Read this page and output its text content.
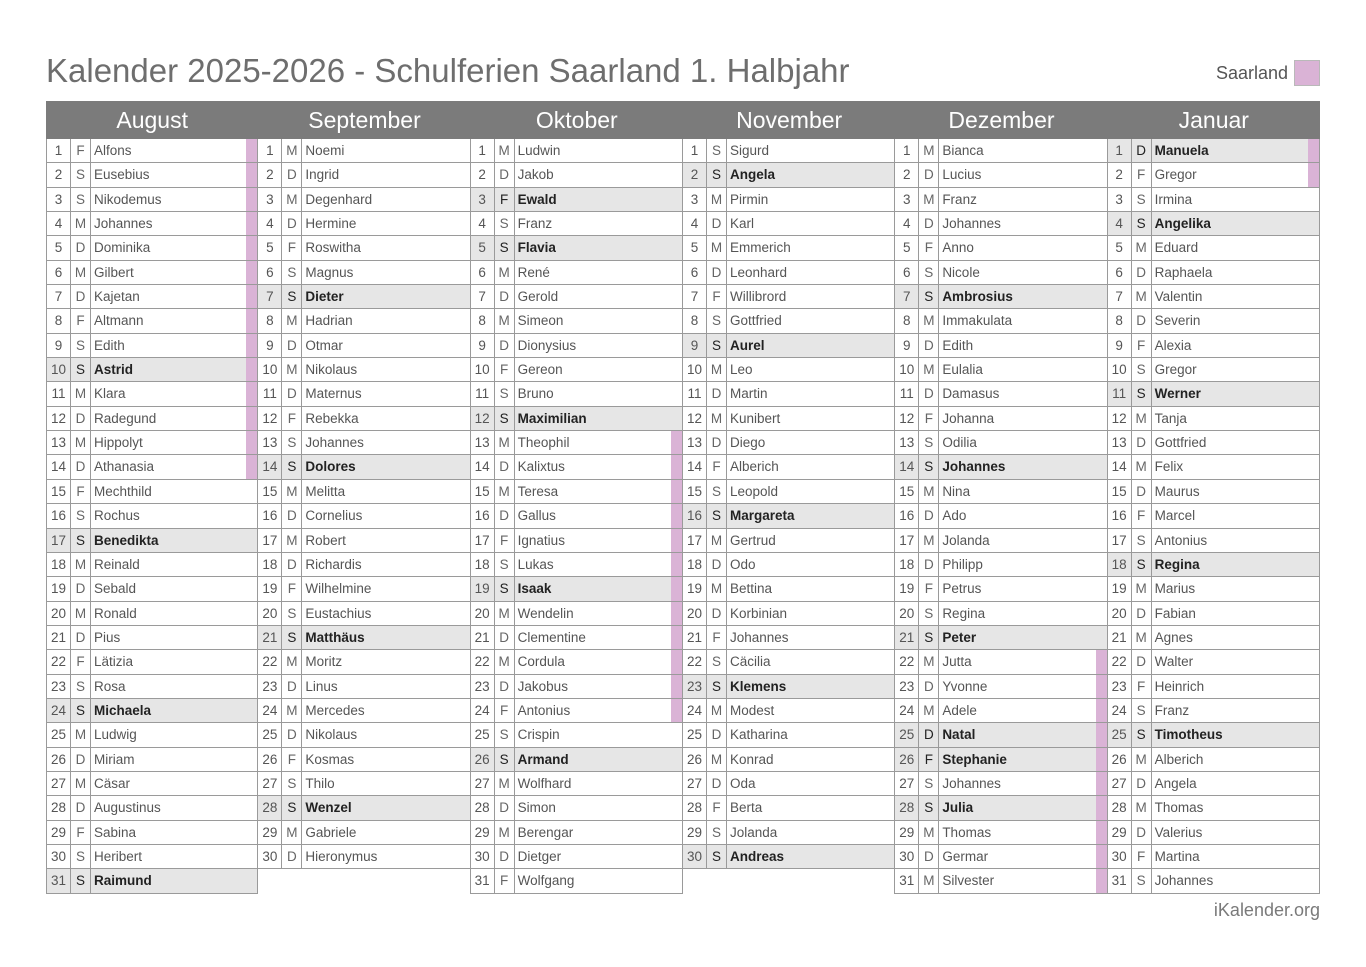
Kalender 2025-2026 - Schulferien Saarland 1. Halbjahr	Saarland
August	September	Oktober	November	Dezember	Januar
1	F Alfons
2	S Eusebius
3	S Nikodemus
4 M Johannes
5 D Dominika
6 M Gilbert
7 D Kajetan
8	F Altmann
9	S Edith
10 S Astrid
11 M Klara
12 D Radegund
13 M Hippolyt
14 D Athanasia
15 F Mechthild
16 S Rochus
17 S Benedikta
18 M Reinald
19 D Sebald
20 M Ronald
21 D Pius
22 F Lätizia
23 S Rosa
24 S Michaela
25 M Ludwig
26 D Miriam
27 M Cäsar
28 D Augustinus
29 F Sabina
30 S Heribert
31 S Raimund
1 M Noemi
2 D Ingrid
3 M Degenhard
4 D Hermine
5	F Roswitha
6	S Magnus
7	S Dieter
8 M Hadrian
9 D Otmar
10 M Nikolaus
11 D Maternus
12 F Rebekka
13 S Johannes
14 S Dolores
15 M Melitta
16 D Cornelius
17 M Robert
18 D Richardis
19 F Wilhelmine
20 S Eustachius
21 S Matthäus
22 M Moritz
23 D Linus
24 M Mercedes
25 D Nikolaus
26 F Kosmas
27 S Thilo
28 S Wenzel
29 M Gabriele
30 D Hieronymus
1 M Ludwin
2 D Jakob
3	F Ewald
4	S Franz
5	S Flavia
6 M René
7 D Gerold
8 M Simeon
9 D Dionysius
10 F Gereon
11 S Bruno
12 S Maximilian
13 M Theophil
14 D Kalixtus
15 M Teresa
16 D Gallus
17 F Ignatius
18 S Lukas
19 S Isaak
20 M Wendelin
21 D Clementine
22 M Cordula
23 D Jakobus
24 F Antonius
25 S Crispin
26 S Armand
27 M Wolfhard
28 D Simon
29 M Berengar
30 D Dietger
31 F Wolfgang
1	S Sigurd
2	S Angela
3 M Pirmin
4 D Karl
5 M Emmerich
6 D Leonhard
7	F Willibrord
8	S Gottfried
9	S Aurel
10 M Leo
11 D Martin
12 M Kunibert
13 D Diego
14 F Alberich
15 S Leopold
16 S Margareta
17 M Gertrud
18 D Odo
19 M Bettina
20 D Korbinian
21 F Johannes
22 S Cäcilia
23 S Klemens
24 M Modest
25 D Katharina
26 M Konrad
27 D Oda
28 F Berta
29 S Jolanda
30 S Andreas
1 M Bianca
2 D Lucius
3 M Franz
4 D Johannes
5	F Anno
6	S Nicole
7	S Ambrosius
8 M Immakulata
9 D Edith
10 M Eulalia
11 D Damasus
12 F Johanna
13 S Odilia
14 S Johannes
15 M Nina
16 D Ado
17 M Jolanda
18 D Philipp
19 F Petrus
20 S Regina
21 S Peter
22 M Jutta
23 D Yvonne
24 M Adele
25 D Natal
26 F Stephanie
27 S Johannes
28 S Julia
29 M Thomas
30 D Germar
31 M Silvester
1 D Manuela
2	F Gregor
3	S Irmina
4	S Angelika
5 M Eduard
6 D Raphaela
7 M Valentin
8 D Severin
9	F Alexia
10 S Gregor
11 S Werner
12 M Tanja
13 D Gottfried
14 M Felix
15 D Maurus
16 F Marcel
17 S Antonius
18 S Regina
19 M Marius
20 D Fabian
21 M Agnes
22 D Walter
23 F Heinrich
24 S Franz
25 S Timotheus
26 M Alberich
27 D Angela
28 M Thomas
29 D Valerius
30 F Martina
31 S Johannes
iKalender.org
